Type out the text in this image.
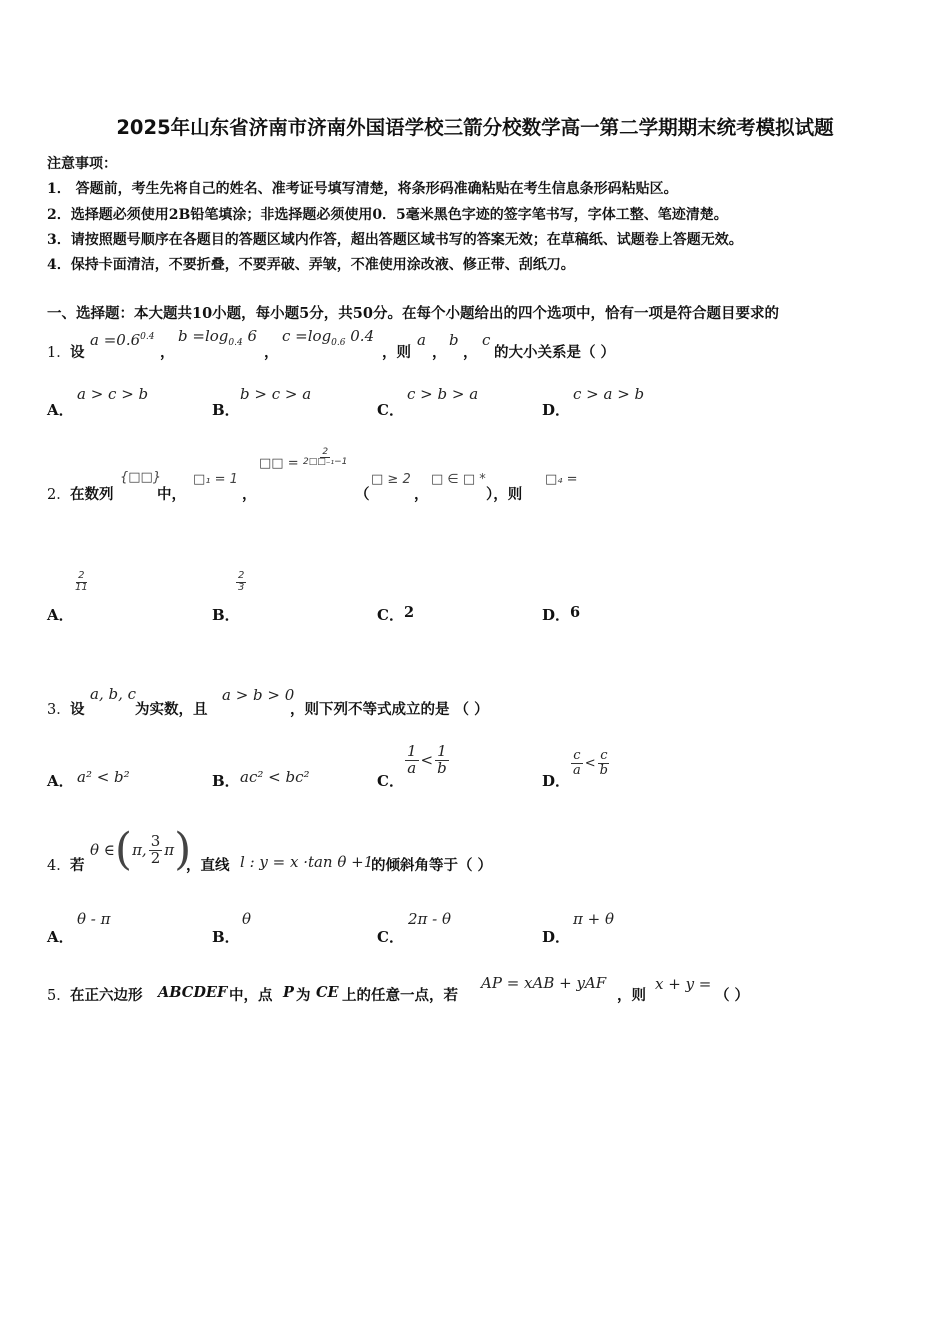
2025年山东省济南市济南外国语学校三箭分校数学高一第二学期期末统考模拟试题
注意事项：
1． 答题前，考生先将自己的姓名、准考证号填写清楚，将条形码准确粘贴在考生信息条形码粘贴区。
2．选择题必须使用2B铅笔填涂；非选择题必须使用0．5毫米黑色字迹的签字笔书写，字体工整、笔迹清楚。
3．请按照题号顺序在各题目的答题区域内作答，超出答题区域书写的答案无效；在草稿纸、试题卷上答题无效。
4．保持卡面清洁，不要折叠，不要弄破、弄皱，不准使用涂改液、修正带、刮纸刀。
一、选择题：本大题共10小题，每小题5分，共50分。在每个小题给出的四个选项中，恰有一项是符合题目要求的
1． 设
$a =0.6^{0.4}$
，
$b =\log_{0.4}$ 6
，
$c =\log_{0.6}$ 0.4
，则
a
，
b
，
c
的大小关系是（ ）
A．
a > c > b
B．
b > c > a
C．
c > b > a
D．
c > a > b
2． 在数列
{□□}
中，
□₁ = 1
，
□□ = $\frac{2}{\text{2□□₋₁−1}}$
（
□ ≥ 2
，
□ ∈ □ *
），则
□₄ =
A．
$\frac{2}{11}$
B．
$\frac{2}{3}$
C． 2	D． 6
3． 设
a, b, c
为实数，且
a > b > 0
，则下列不等式成立的是 （ ）
A． a² < b²	B． ac² < bc²	C．
$\frac{1}{a} < \frac{1}{b}$
D．
$\frac{c}{a} < \frac{c}{b}$
4． 若
θ ∈ ( π, $\frac{3}{2}$ π )
，直线 l : y = x ·tan θ +1
的倾斜角等于（ ）
A．
θ - π
B．
θ
C．
2π - θ
D．
π + θ
5． 在正六边形 ABCDEF 中，点 P 为 CE 上的任意一点，若
AP = xAB + yAF
，则
x + y =
（ ）
